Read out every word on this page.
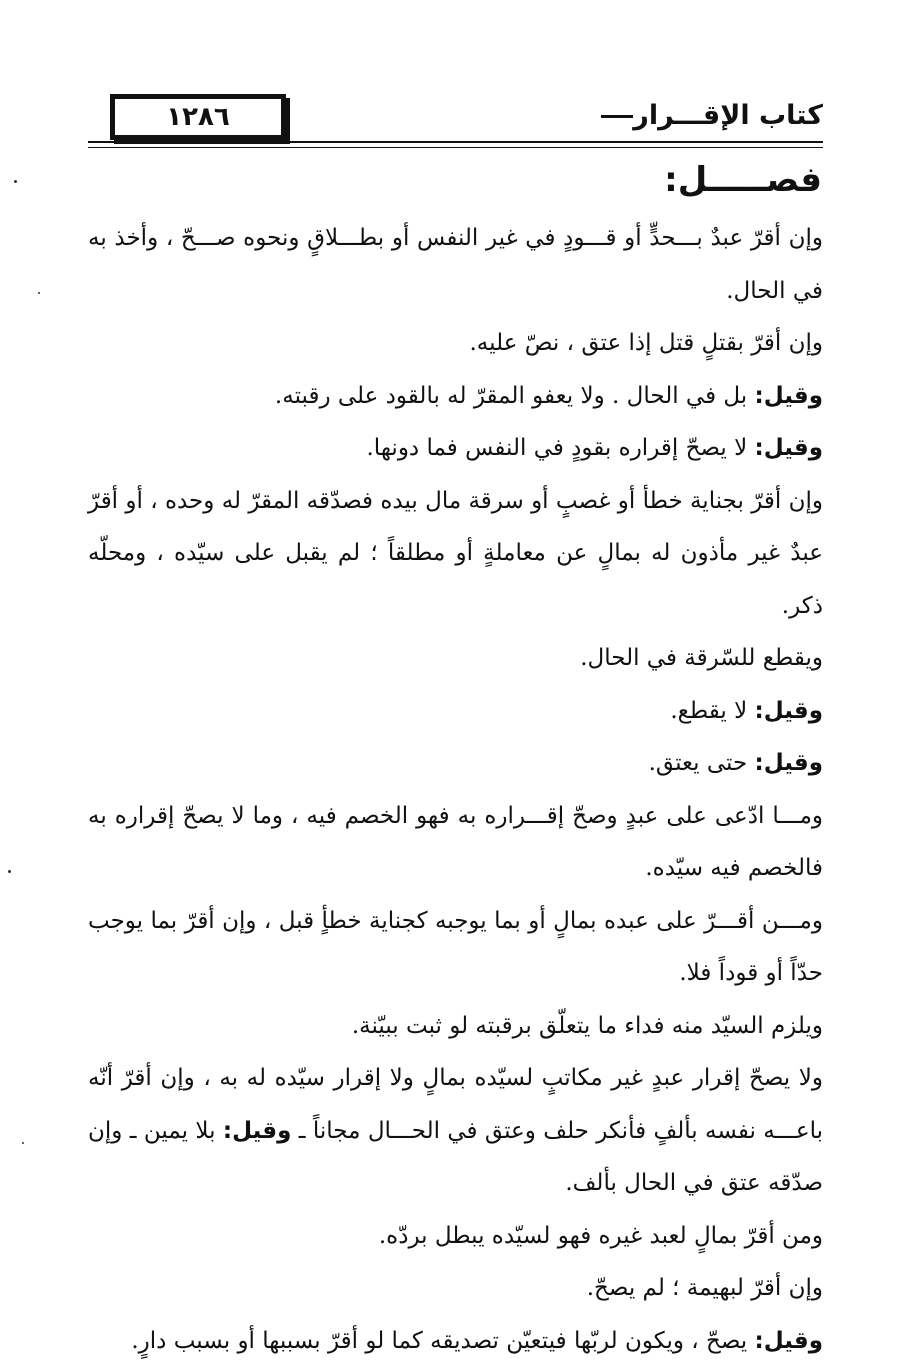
١٢٨٦	كتاب الإقـــرار
فصـــــل:

وإن أقرّ عبدٌ بـــحدٍّ أو قـــودٍ في غير النفس أو بطـــلاقٍ ونحوه صـــحّ ، وأخذ به في الحال.

وإن أقرّ بقتلٍ قتل إذا عتق ، نصّ عليه.

وقيل: بل في الحال . ولا يعفو المقرّ له بالقود على رقبته.

وقيل: لا يصحّ إقراره بقودٍ في النفس فما دونها.

وإن أقرّ بجناية خطأ أو غصبٍ أو سرقة مال بيده فصدّقه المقرّ له وحده ، أو أقرّ عبدٌ غير مأذون له بمالٍ عن معاملةٍ أو مطلقاً ؛ لم يقبل على سيّده ، ومحلّه ذكر.

ويقطع للسّرقة في الحال.

وقيل: لا يقطع.

وقيل: حتى يعتق.

ومـــا ادّعى على عبدٍ وصحّ إقـــراره به فهو الخصم فيه ، وما لا يصحّ إقراره به فالخصم فيه سيّده.

ومـــن أقـــرّ على عبده بمالٍ أو بما يوجبه كجناية خطأٍ قبل ، وإن أقرّ بما يوجب حدّاً أو قوداً فلا.

ويلزم السيّد منه فداء ما يتعلّق برقبته لو ثبت ببيّنة.

ولا يصحّ إقرار عبدٍ غير مكاتبٍ لسيّده بمالٍ ولا إقرار سيّده له به ، وإن أقرّ أنّه باعـــه نفسه بألفٍ فأنكر حلف وعتق في الحـــال مجاناً ـ وقيل: بلا يمين ـ وإن صدّقه عتق في الحال بألف.

ومن أقرّ بمالٍ لعبد غيره فهو لسيّده يبطل بردّه.

وإن أقرّ لبهيمة ؛ لم يصحّ.

وقيل: يصحّ ، ويكون لربّها فيتعيّن تصديقه كما لو أقرّ بسببها أو بسبب دارٍ.
